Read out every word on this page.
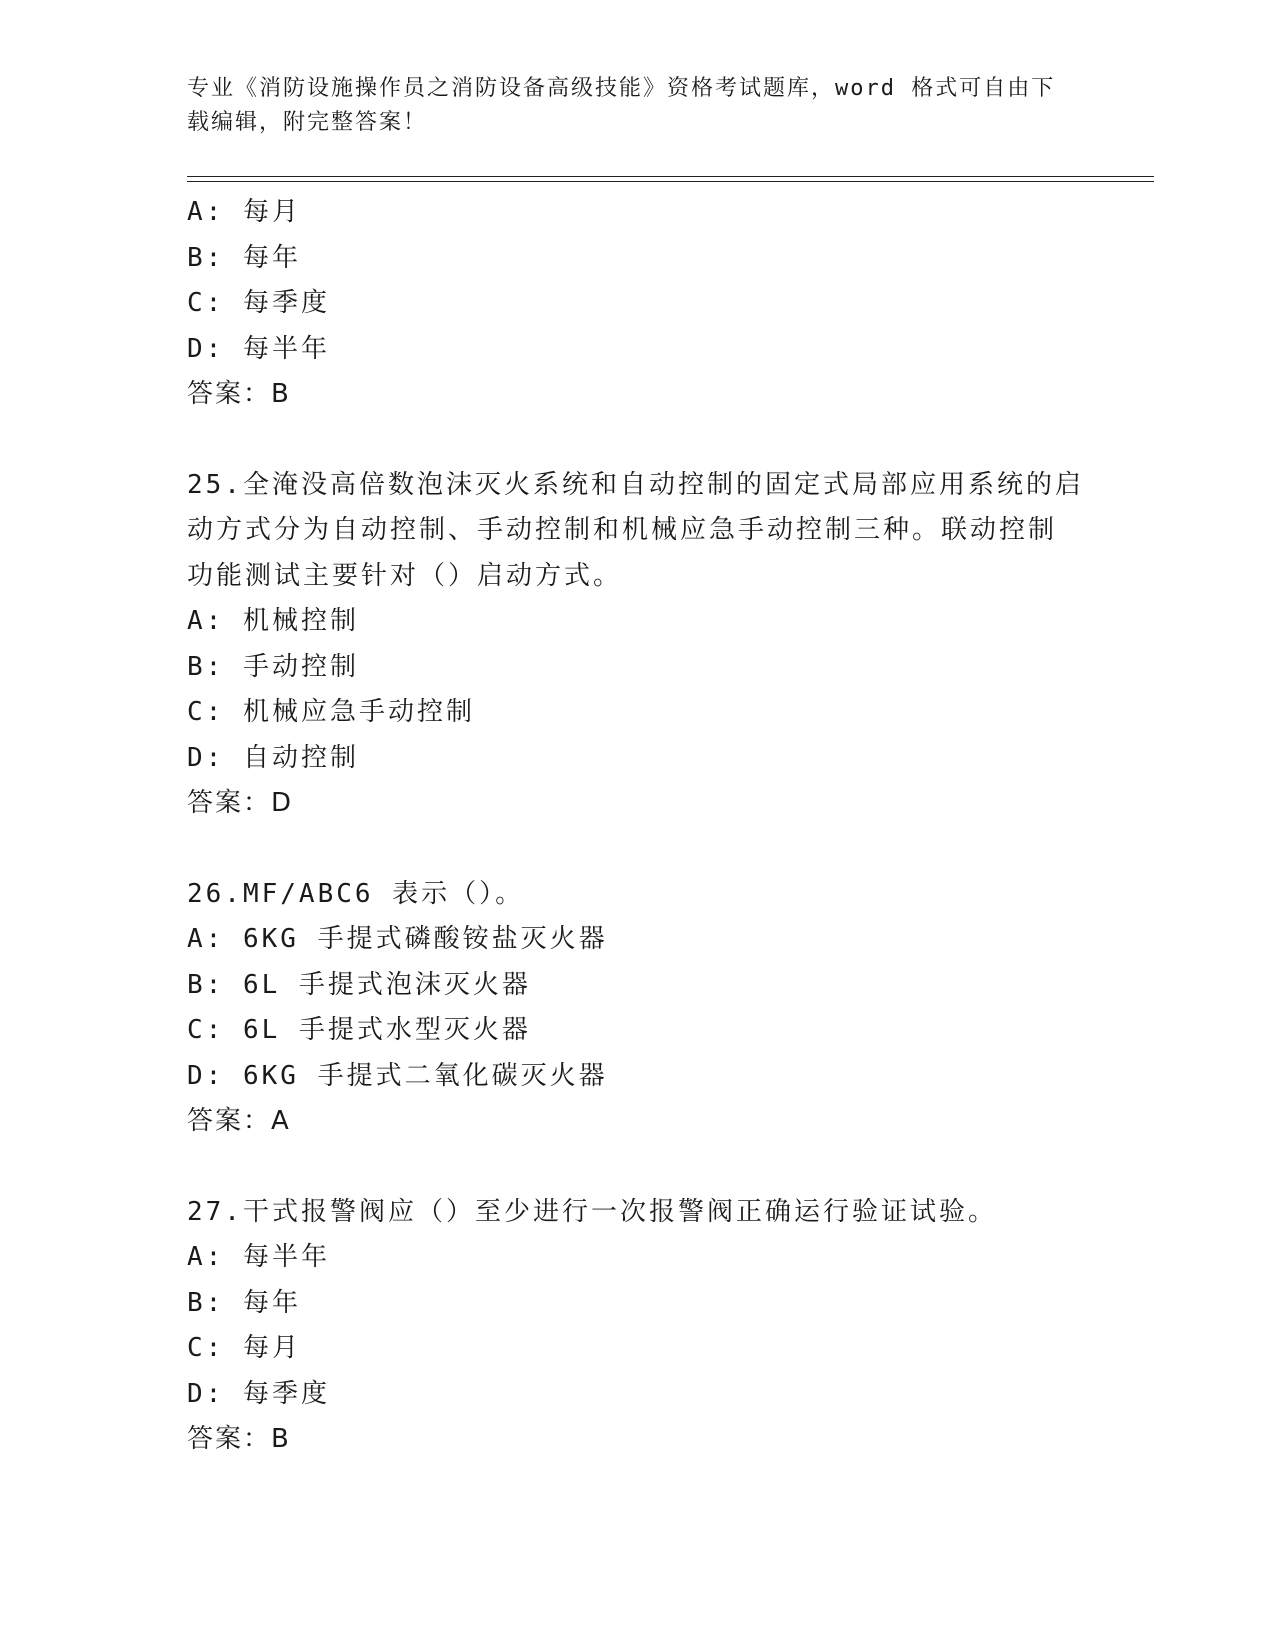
专业《消防设施操作员之消防设备高级技能》资格考试题库，word 格式可自由下
载编辑，附完整答案！
A: 每月
B: 每年
C: 每季度
D: 每半年
答案：B
25.全淹没高倍数泡沫灭火系统和自动控制的固定式局部应用系统的启
动方式分为自动控制、手动控制和机械应急手动控制三种。联动控制
功能测试主要针对（）启动方式。
A: 机械控制
B: 手动控制
C: 机械应急手动控制
D: 自动控制
答案：D
26.MF/ABC6 表示（）。
A: 6KG 手提式磷酸铵盐灭火器
B: 6L 手提式泡沫灭火器
C: 6L 手提式水型灭火器
D: 6KG 手提式二氧化碳灭火器
答案：A
27.干式报警阀应（）至少进行一次报警阀正确运行验证试验。
A: 每半年
B: 每年
C: 每月
D: 每季度
答案：B
